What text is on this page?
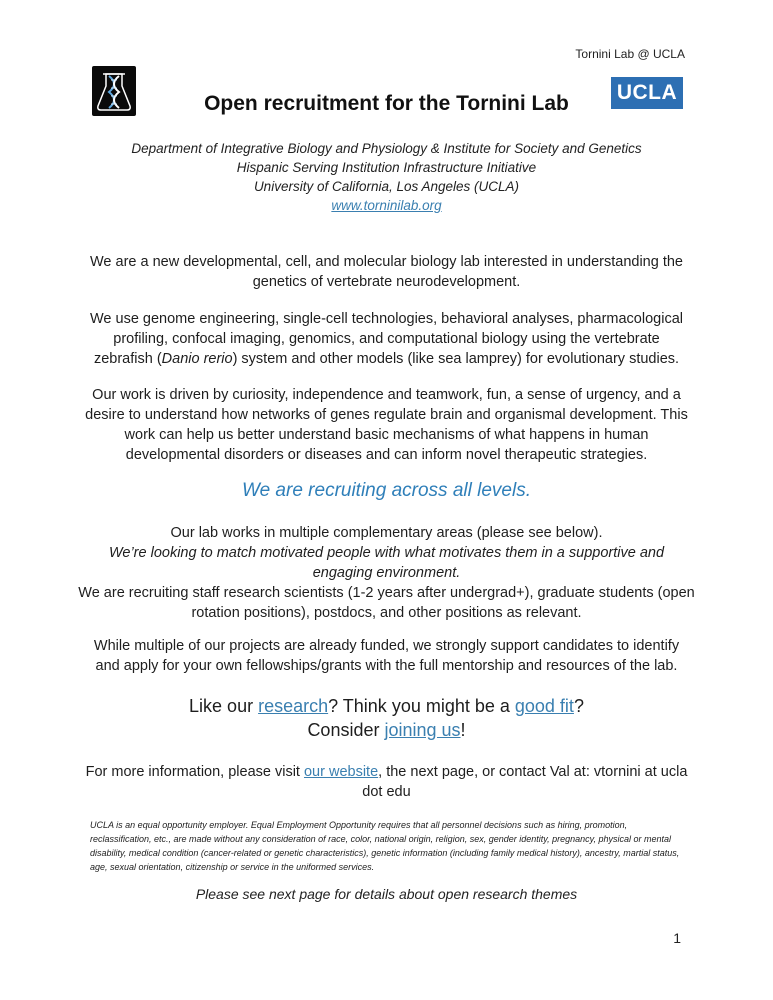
Tornini Lab @ UCLA
UCLA
Open recruitment for the Tornini Lab
Department of Integrative Biology and Physiology & Institute for Society and Genetics
Hispanic Serving Institution Infrastructure Initiative
University of California, Los Angeles (UCLA)
www.torninilab.org
We are a new developmental, cell, and molecular biology lab interested in understanding the
genetics of vertebrate neurodevelopment.
We use genome engineering, single-cell technologies, behavioral analyses, pharmacological
profiling, confocal imaging, genomics, and computational biology using the vertebrate
zebrafish (Danio rerio) system and other models (like sea lamprey) for evolutionary studies.
Our work is driven by curiosity, independence and teamwork, fun, a sense of urgency, and a
desire to understand how networks of genes regulate brain and organismal development. This
work can help us better understand basic mechanisms of what happens in human
developmental disorders or diseases and can inform novel therapeutic strategies.
We are recruiting across all levels.
Our lab works in multiple complementary areas (please see below).
We’re looking to match motivated people with what motivates them in a supportive and
engaging environment.
We are recruiting staff research scientists (1-2 years after undergrad+), graduate students (open
rotation positions), postdocs, and other positions as relevant.
While multiple of our projects are already funded, we strongly support candidates to identify
and apply for your own fellowships/grants with the full mentorship and resources of the lab.
Like our research? Think you might be a good fit?
Consider joining us!
For more information, please visit our website, the next page, or contact Val at: vtornini at ucla
dot edu
UCLA is an equal opportunity employer. Equal Employment Opportunity requires that all personnel decisions such as hiring, promotion, reclassification, etc., are made without any consideration of race, color, national origin, religion, sex, gender identity, pregnancy, physical or mental disability, medical condition (cancer-related or genetic characteristics), genetic information (including family medical history), ancestry, martial status, age, sexual orientation, citizenship or service in the uniformed services.
Please see next page for details about open research themes
1
